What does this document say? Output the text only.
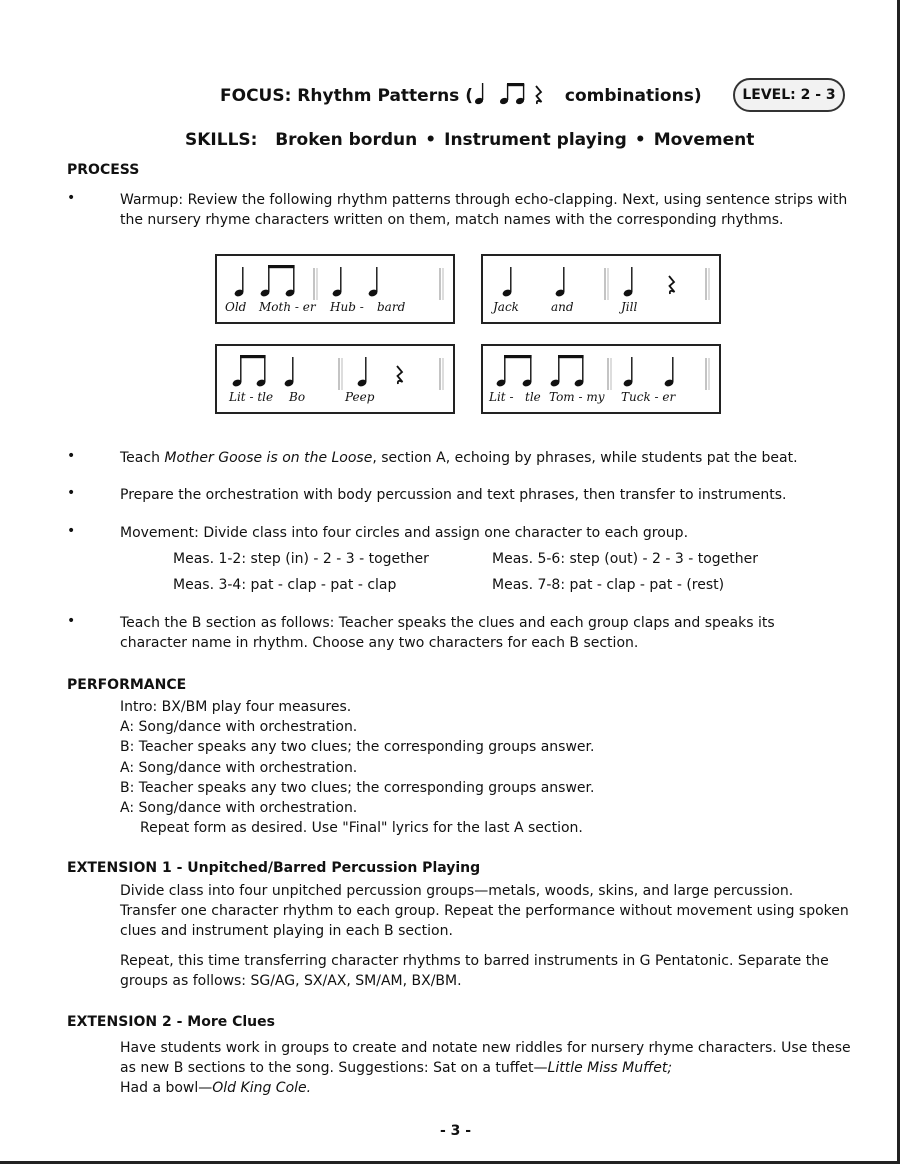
FOCUS: Rhythm Patterns (	combinations)	LEVEL: 2 - 3
SKILLS: Broken bordun • Instrument playing • Movement
PROCESS
•	Warmup: Review the following rhythm patterns through echo-clapping. Next, using sentence strips with the nursery rhyme characters written on them, match names with the corresponding rhythms.
Old Moth - er Hub - bard	Jack	and	Jill
Lit - tle Bo	Peep	Lit - tle Tom - my Tuck - er
•	Teach Mother Goose is on the Loose, section A, echoing by phrases, while students pat the beat.
•	Prepare the orchestration with body percussion and text phrases, then transfer to instruments.
•	Movement: Divide class into four circles and assign one character to each group.
Meas. 1-2: step (in) - 2 - 3 - together	Meas. 5-6: step (out) - 2 - 3 - together
Meas. 3-4: pat - clap - pat - clap	Meas. 7-8: pat - clap - pat - (rest)
•	Teach the B section as follows: Teacher speaks the clues and each group claps and speaks its character name in rhythm. Choose any two characters for each B section.
PERFORMANCE
Intro: BX/BM play four measures.
A: Song/dance with orchestration.
B: Teacher speaks any two clues; the corresponding groups answer.
A: Song/dance with orchestration.
B: Teacher speaks any two clues; the corresponding groups answer.
A: Song/dance with orchestration.
Repeat form as desired. Use "Final" lyrics for the last A section.
EXTENSION 1 - Unpitched/Barred Percussion Playing
Divide class into four unpitched percussion groups—metals, woods, skins, and large percussion. Transfer one character rhythm to each group. Repeat the performance without movement using spoken clues and instrument playing in each B section.
Repeat, this time transferring character rhythms to barred instruments in G Pentatonic. Separate the groups as follows: SG/AG, SX/AX, SM/AM, BX/BM.
EXTENSION 2 - More Clues
Have students work in groups to create and notate new riddles for nursery rhyme characters. Use these as new B sections to the song. Suggestions: Sat on a tuffet—Little Miss Muffet;
Had a bowl—Old King Cole.
- 3 -
